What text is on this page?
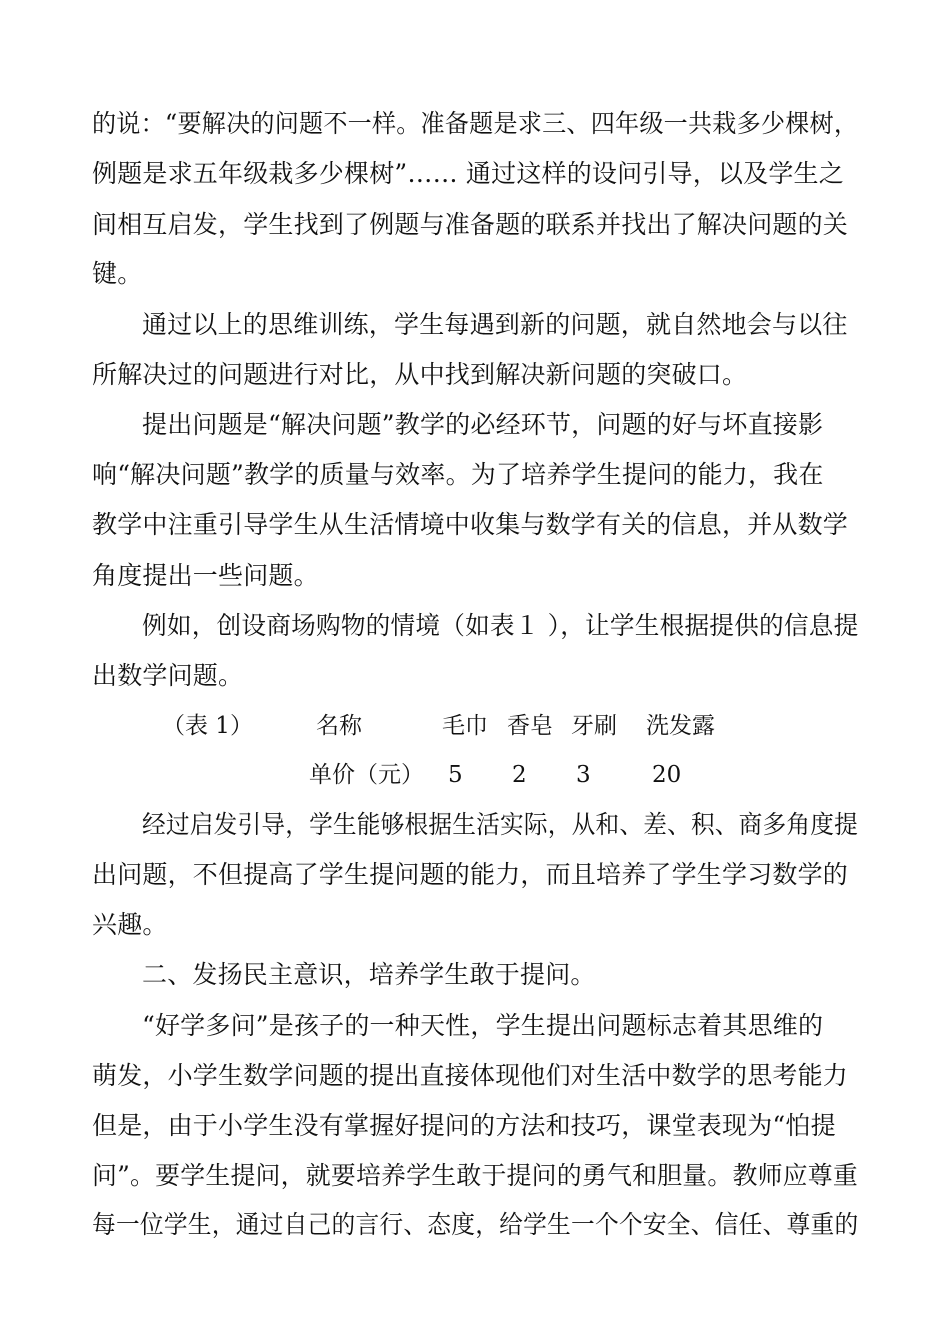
的说：“要解决的问题不一样。准备题是求三、四年级一共栽多少棵树，
例题是求五年级栽多少棵树”…… 通过这样的设问引导，以及学生之
间相互启发，学生找到了例题与准备题的联系并找出了解决问题的关
键。
通过以上的思维训练，学生每遇到新的问题，就自然地会与以往
所解决过的问题进行对比，从中找到解决新问题的突破口。
提出问题是“解决问题”教学的必经环节，问题的好与坏直接影
响“解决问题”教学的质量与效率。为了培养学生提问的能力，我在
教学中注重引导学生从生活情境中收集与数学有关的信息，并从数学
角度提出一些问题。
例如，创设商场购物的情境（如表１ ），让学生根据提供的信息提
出数学问题。
（表 1）	名称	毛巾 香皂 牙刷 洗发露
单价（元） 5 2 3	20
经过启发引导，学生能够根据生活实际，从和、差、积、商多角度提
出问题，不但提高了学生提问题的能力，而且培养了学生学习数学的
兴趣。
二、发扬民主意识，培养学生敢于提问。
“好学多问”是孩子的一种天性，学生提出问题标志着其思维的
萌发，小学生数学问题的提出直接体现他们对生活中数学的思考能力
但是，由于小学生没有掌握好提问的方法和技巧，课堂表现为“怕提
问”。要学生提问，就要培养学生敢于提问的勇气和胆量。教师应尊重
每一位学生，通过自己的言行、态度，给学生一个个安全、信任、尊重的
